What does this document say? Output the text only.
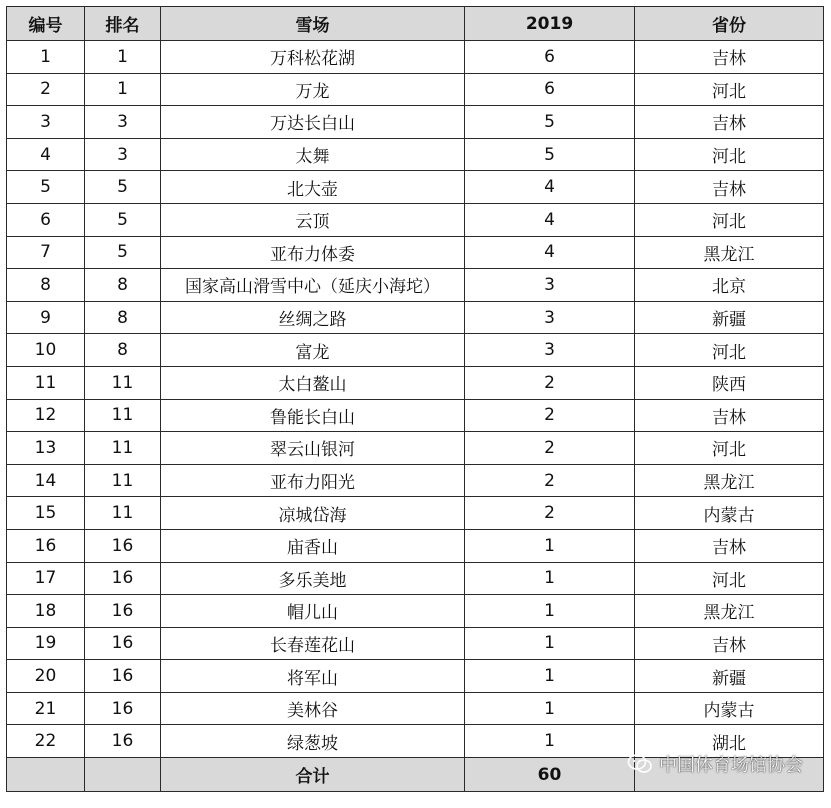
编号	排名	雪场	2019	省份
1	1	万科松花湖	6	吉林
2	1	万龙	6	河北
3	3	万达长白山	5	吉林
4	3	太舞	5	河北
5	5	北大壶	4	吉林
6	5	云顶	4	河北
7	5	亚布力体委	4	黑龙江
8	8	国家高山滑雪中心（延庆小海坨）	3	北京
9	8	丝绸之路	3	新疆
10	8	富龙	3	河北
11	11	太白鳌山	2	陕西
12	11	鲁能长白山	2	吉林
13	11	翠云山银河	2	河北
14	11	亚布力阳光	2	黑龙江
15	11	凉城岱海	2	内蒙古
16	16	庙香山	1	吉林
17	16	多乐美地	1	河北
18	16	帽儿山	1	黑龙江
19	16	长春莲花山	1	吉林
20	16	将军山	1	新疆
21	16	美林谷	1	内蒙古
22	16	绿葱坡	1	湖北
		合计	60		中国体育场馆协会
